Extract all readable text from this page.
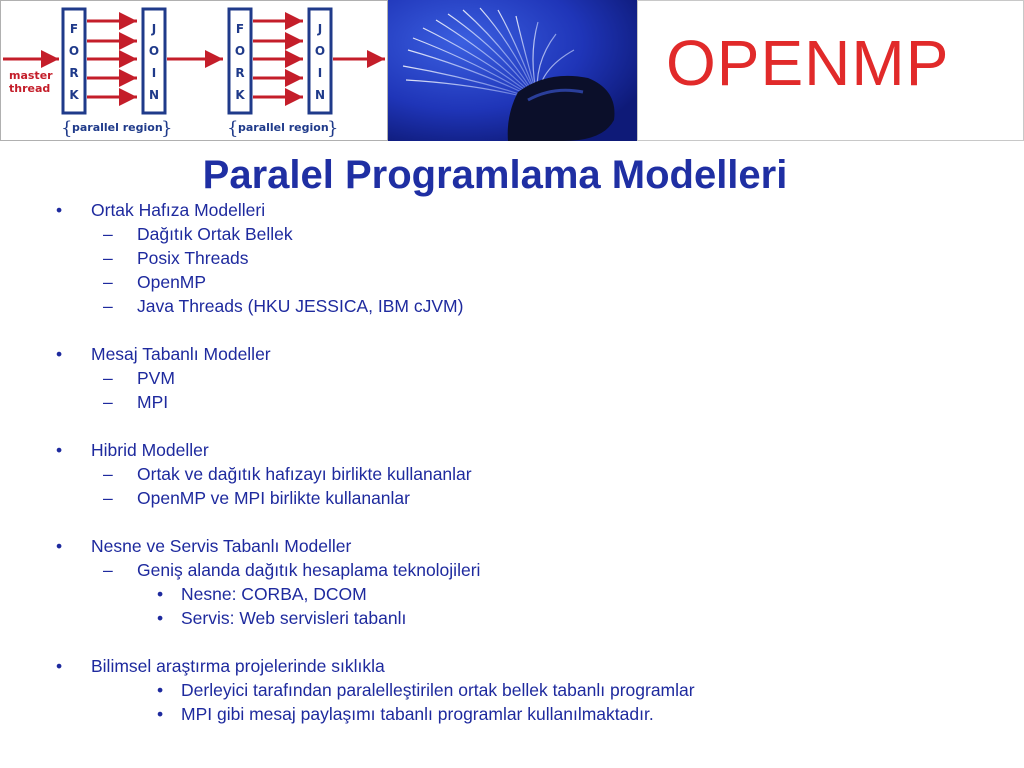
master
thread
F
O
R
K
J
O
I
N
F
O
R
K
J
O
I
N
{ parallel region
}	{ parallel region
}
OPENMP
Paralel Programlama Modelleri
• Ortak Hafıza Modelleri
– Dağıtık Ortak Bellek
– Posix Threads
– OpenMP
– Java Threads (HKU JESSICA, IBM cJVM)
• Mesaj Tabanlı Modeller
– PVM
– MPI
• Hibrid Modeller
– Ortak ve dağıtık hafızayı birlikte kullananlar
– OpenMP ve MPI birlikte kullananlar
• Nesne ve Servis Tabanlı Modeller
– Geniş alanda dağıtık hesaplama teknolojileri
• Nesne: CORBA, DCOM
• Servis: Web servisleri tabanlı
• Bilimsel araştırma projelerinde sıklıkla
• Derleyici tarafından paralelleştirilen ortak bellek tabanlı programlar
• MPI gibi mesaj paylaşımı tabanlı programlar kullanılmaktadır.
